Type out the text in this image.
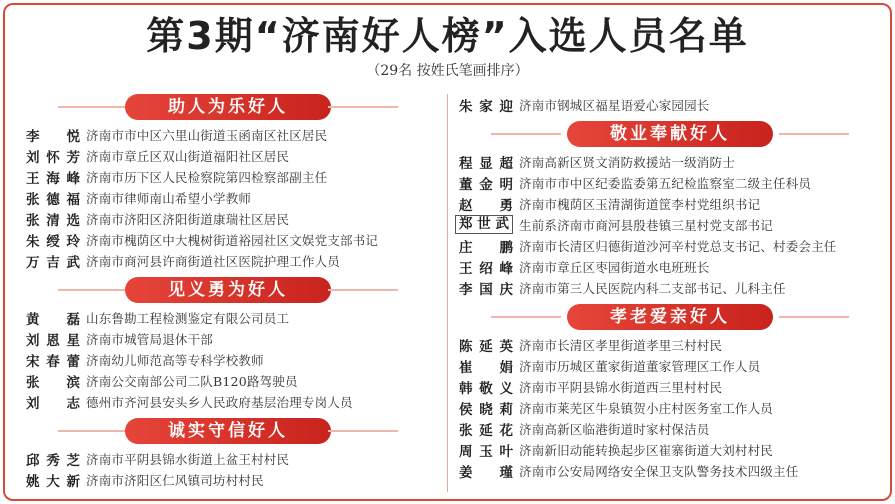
第3期“济南好人榜”入选人员名单
（29名 按姓氏笔画排序）
助人为乐好人
李　悦 济南市市中区六里山街道玉函南区社区居民
刘怀芳 济南市章丘区双山街道福阳社区居民
王海峰 济南市历下区人民检察院第四检察部副主任
张德福 济南市律师南山希望小学教师
张清选 济南市济阳区济阳街道康瑞社区居民
朱绶玲 济南市槐荫区中大槐树街道裕园社区文娱党支部书记
万吉武 济南市商河县许商街道社区医院护理工作人员
见义勇为好人
黄　磊 山东鲁勘工程检测鉴定有限公司员工
刘恩星 济南市城管局退休干部
宋春蕾 济南幼儿师范高等专科学校教师
张　滨 济南公交南部公司二队B120路驾驶员
刘　志 德州市齐河县安头乡人民政府基层治理专岗人员
诚实守信好人
邱秀芝 济南市平阴县锦水街道上盆王村村民
姚大新 济南市济阳区仁风镇司坊村村民
朱家迎 济南市钢城区福星语爱心家园园长
敬业奉献好人
程显超 济南高新区贤文消防救援站一级消防士
董金明 济南市市中区纪委监委第五纪检监察室二级主任科员
赵　勇 济南市槐荫区玉清湖街道筐李村党组织书记
郑世武 生前系济南市商河县殷巷镇三星村党支部书记
庄　鹏 济南市长清区归德街道沙河辛村党总支书记、村委会主任
王绍峰 济南市章丘区枣园街道水电班班长
李国庆 济南市第三人民医院内科二支部书记、儿科主任
孝老爱亲好人
陈延英 济南市长清区孝里街道孝里三村村民
崔　娟 济南市历城区董家街道董家管理区工作人员
韩敬义 济南市平阴县锦水街道西三里村村民
侯晓莉 济南市莱芜区牛泉镇贺小庄村医务室工作人员
张延花 济南高新区临港街道时家村保洁员
周玉叶 济南新旧动能转换起步区崔寨街道大刘村村民
姜　瑾 济南市公安局网络安全保卫支队警务技术四级主任
